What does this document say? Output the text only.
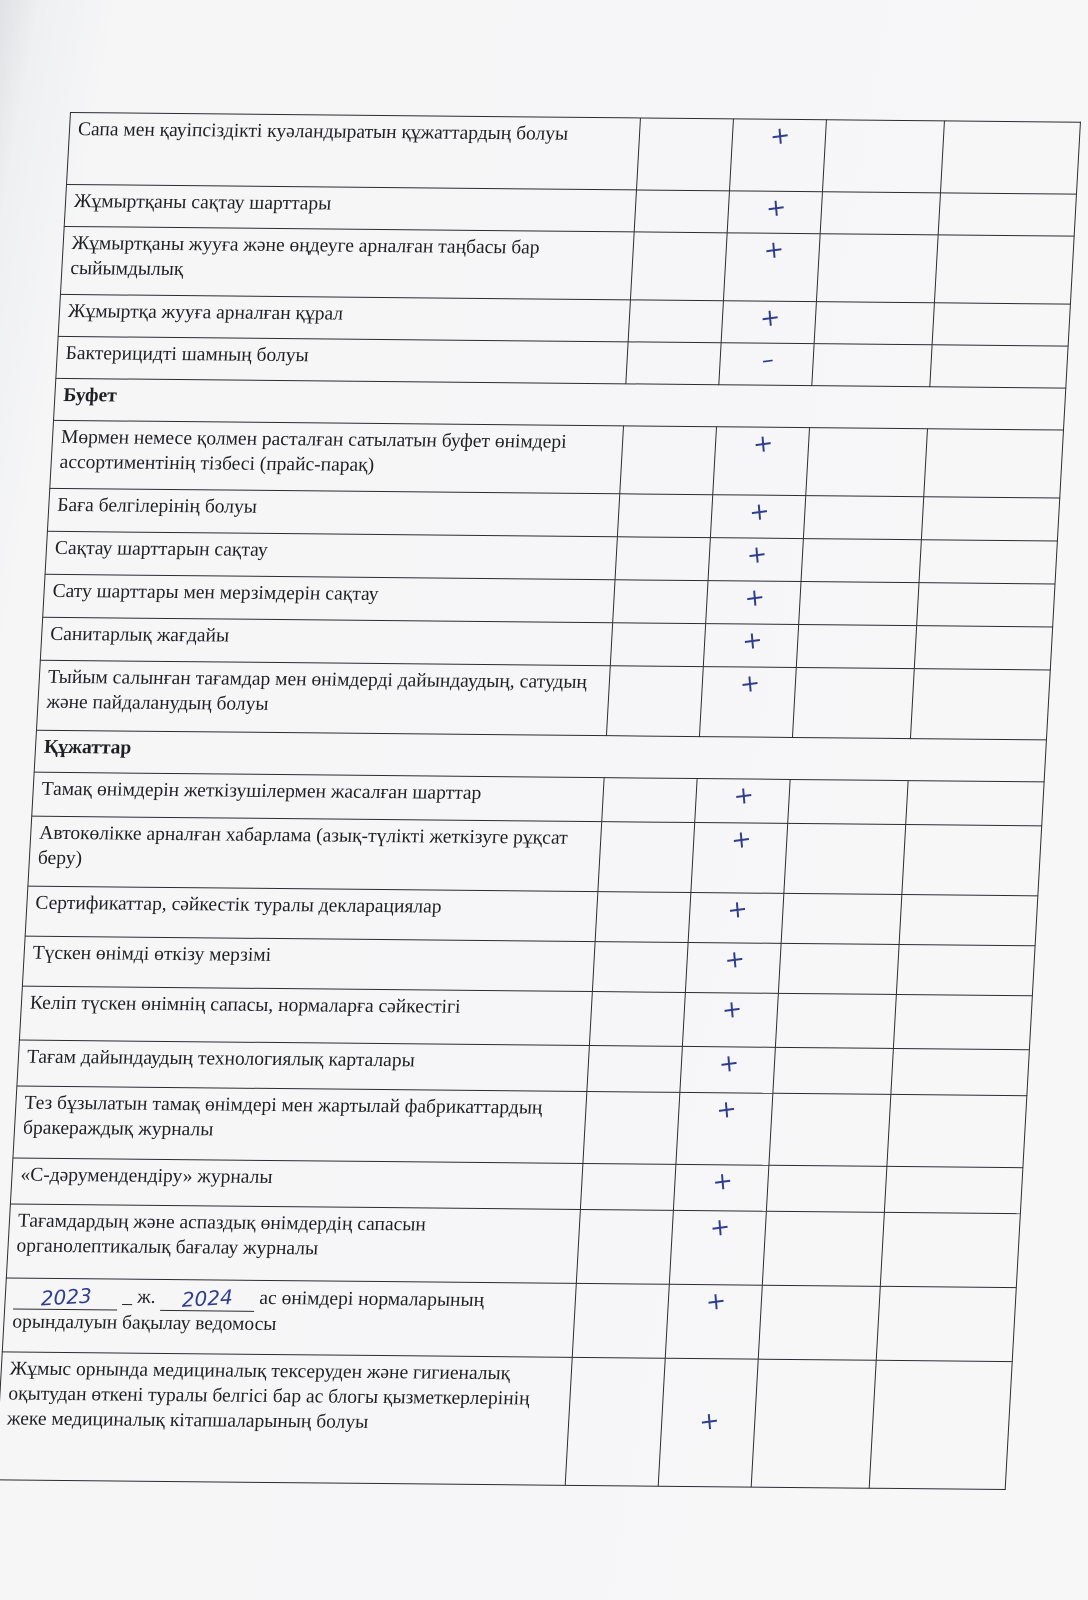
Сапа мен қауіпсіздікті куәландыратын құжаттардың болуы		+		
Жұмыртқаны сақтау шарттары		+		
Жұмыртқаны жууға және өңдеуге арналған таңбасы бар сыйымдылық		+		
Жұмыртқа жууға арналған құрал		+		
Бактерицидті шамның болуы		–		
Буфет				
Мөрмен немесе қолмен расталған сатылатын буфет өнімдері ассортиментінің тізбесі (прайс-парақ)		+		
Баға белгілерінің болуы		+		
Сақтау шарттарын сақтау		+		
Сату шарттары мен мерзімдерін сақтау		+		
Санитарлық жағдайы		+		
Тыйым салынған тағамдар мен өнімдерді дайындаудың, сатудың және пайдаланудың болуы		+		
Құжаттар				
Тамақ өнімдерін жеткізушілермен жасалған шарттар		+		
Автокөлікке арналған хабарлама (азық-түлікті жеткізуге рұқсат беру)		+		
Сертификаттар, сәйкестік туралы декларациялар		+		
Түскен өнімді өткізу мерзімі		+		
Келіп түскен өнімнің сапасы, нормаларға сәйкестігі		+		
Тағам дайындаудың технологиялық карталары		+		
Тез бұзылатын тамақ өнімдері мен жартылай фабрикаттардың бракераждық журналы		+		
«С-дәрумендендіру» журналы		+		
Тағамдардың және аспаздық өнімдердің сапасын органолептикалық бағалау журналы		+		
2023 _ ж. 2024 ас өнімдері нормаларының
орындалуын бақылау ведомосы		+		
Жұмыс орнында медициналық тексеруден және гигиеналық оқытудан өткені туралы белгісі бар ас блогы қызметкерлерінің жеке медициналық кітапшаларының болуы		+		
